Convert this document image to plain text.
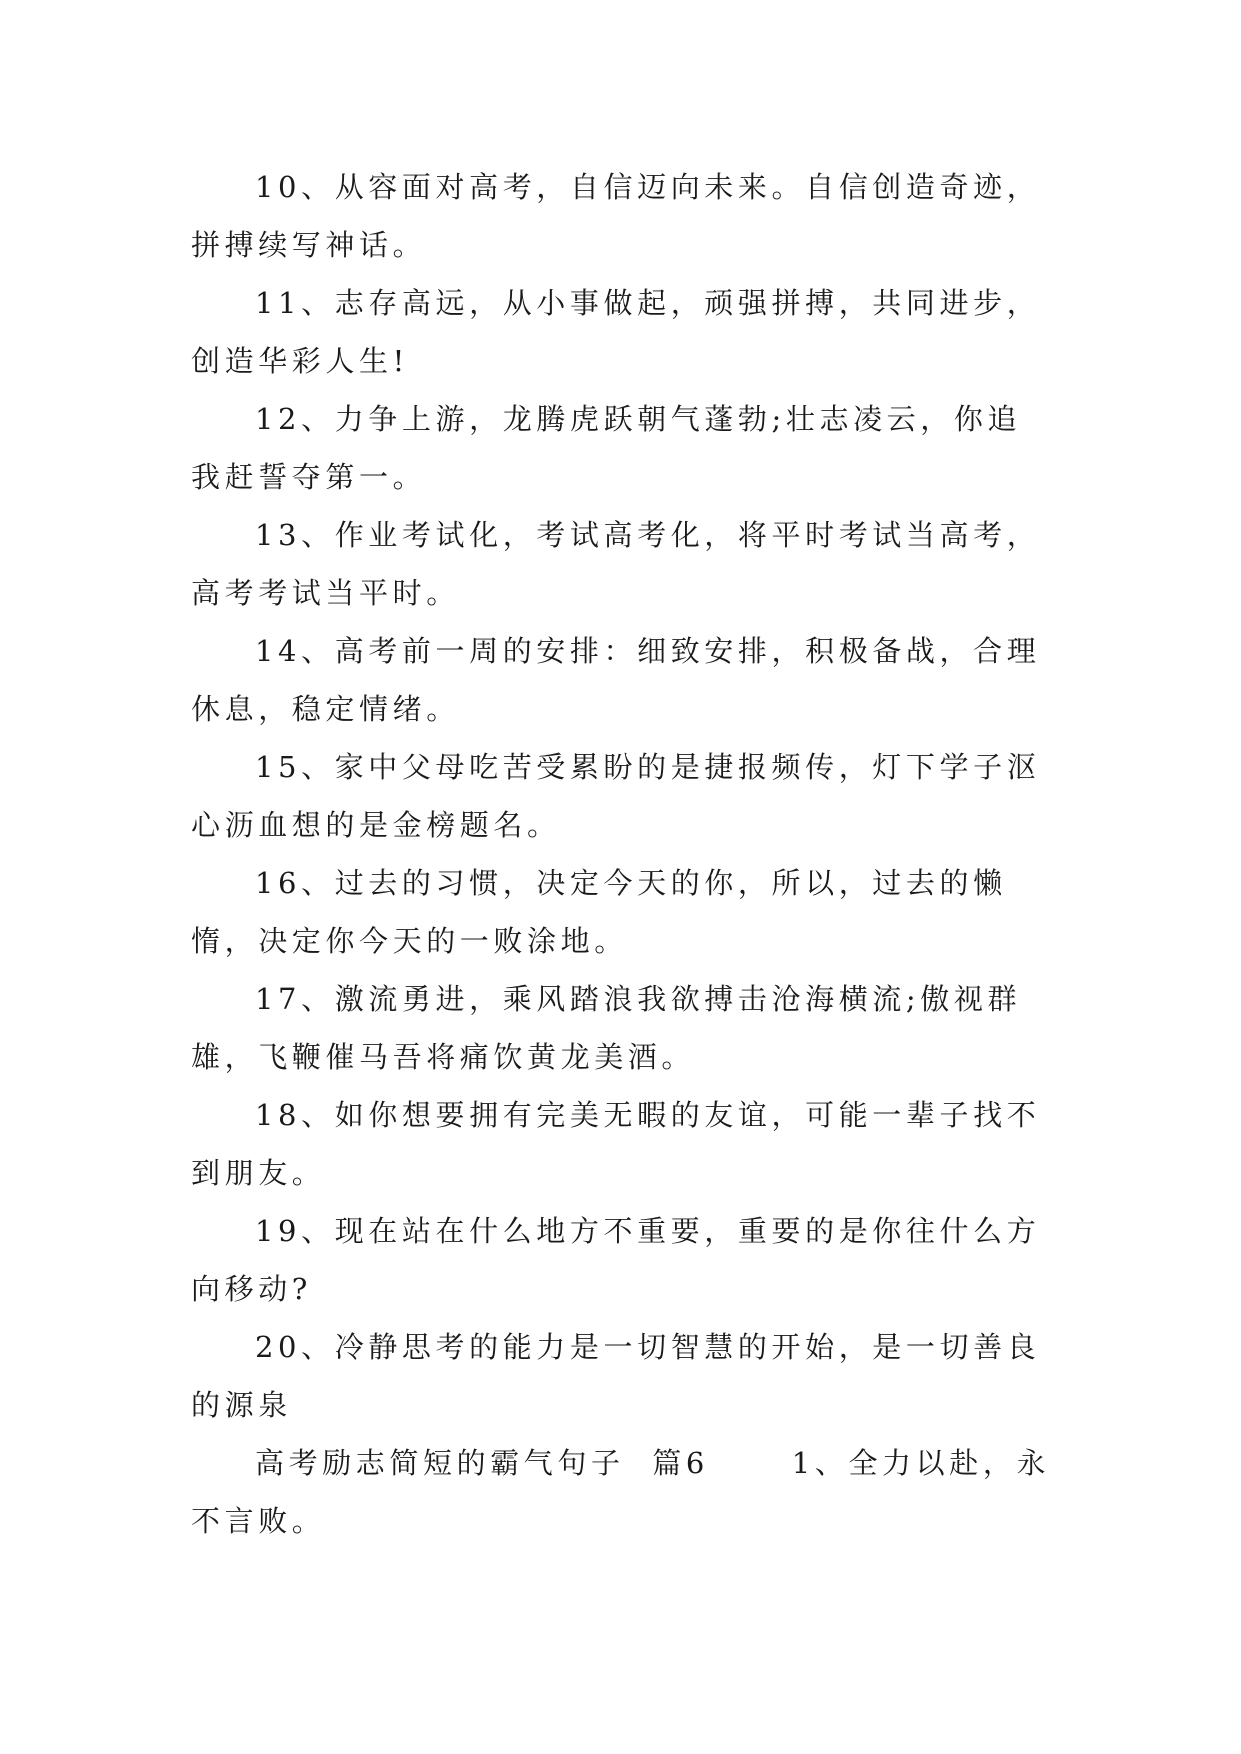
10、从容面对高考，自信迈向未来。自信创造奇迹，拼搏续写神话。

11、志存高远，从小事做起，顽强拼搏，共同进步，创造华彩人生!

12、力争上游，龙腾虎跃朝气蓬勃;壮志凌云，你追我赶誓夺第一。

13、作业考试化，考试高考化，将平时考试当高考，高考考试当平时。

14、高考前一周的安排：细致安排，积极备战，合理休息，稳定情绪。

15、家中父母吃苦受累盼的是捷报频传，灯下学子沤心沥血想的是金榜题名。

16、过去的习惯，决定今天的你，所以，过去的懒惰，决定你今天的一败涂地。

17、激流勇进，乘风踏浪我欲搏击沧海横流;傲视群雄，飞鞭催马吾将痛饮黄龙美酒。

18、如你想要拥有完美无暇的友谊，可能一辈子找不到朋友。

19、现在站在什么地方不重要，重要的是你往什么方向移动?

20、冷静思考的能力是一切智慧的开始，是一切善良的源泉

高考励志简短的霸气句子  篇6      1、全力以赴，永不言败。
